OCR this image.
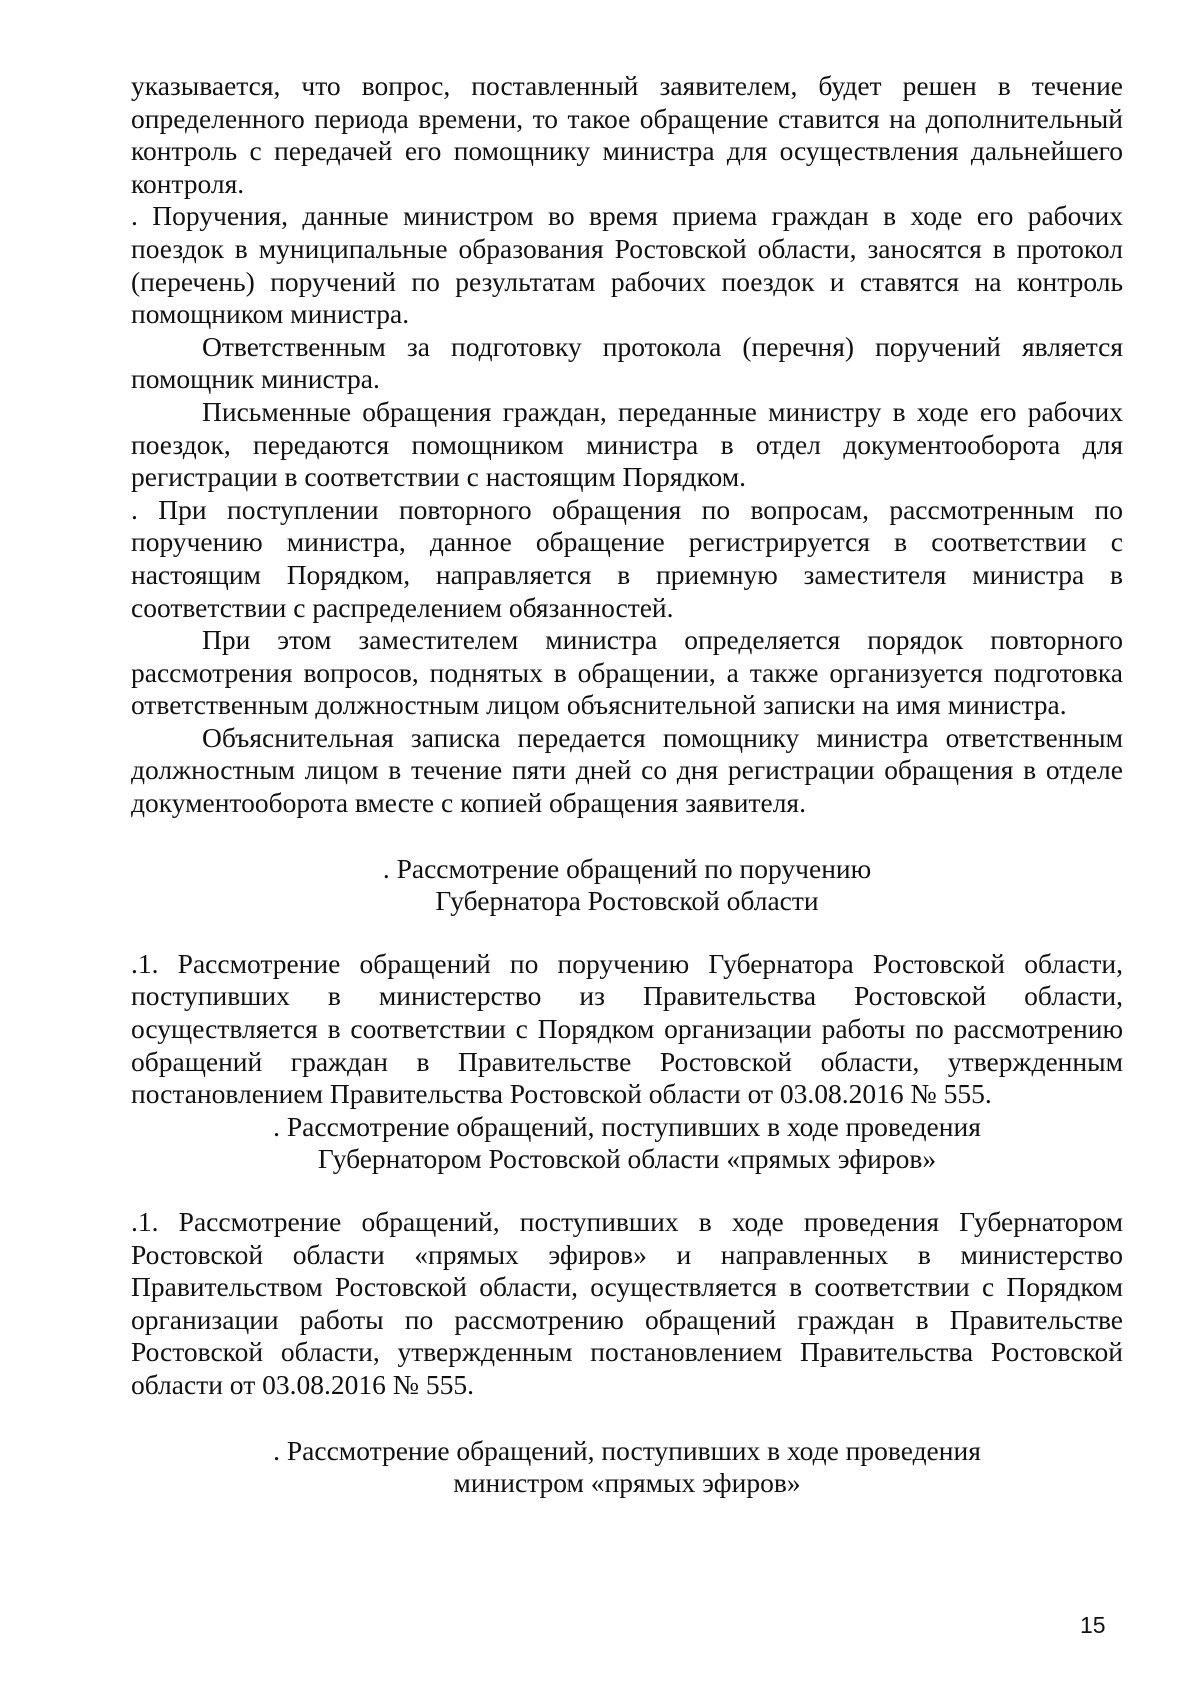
указывается, что вопрос, поставленный заявителем, будет решен в течение определенного периода времени, то такое обращение ставится на дополнительный контроль с передачей его помощнику министра для осуществления дальнейшего контроля.

. Поручения, данные министром во время приема граждан в ходе его рабочих поездок в муниципальные образования Ростовской области, заносятся в протокол (перечень) поручений по результатам рабочих поездок и ставятся на контроль помощником министра.

Ответственным за подготовку протокола (перечня) поручений является помощник министра.

Письменные обращения граждан, переданные министру в ходе его рабочих поездок, передаются помощником министра в отдел документооборота для регистрации в соответствии с настоящим Порядком.

. При поступлении повторного обращения по вопросам, рассмотренным по поручению министра, данное обращение регистрируется в соответствии с настоящим Порядком, направляется в приемную заместителя министра в соответствии с распределением обязанностей.

При этом заместителем министра определяется порядок повторного рассмотрения вопросов, поднятых в обращении, а также организуется подготовка ответственным должностным лицом объяснительной записки на имя министра.

Объяснительная записка передается помощнику министра ответственным должностным лицом в течение пяти дней со дня регистрации обращения в отделе документооборота вместе с копией обращения заявителя.

. Рассмотрение обращений по поручению
Губернатора Ростовской области

.1. Рассмотрение обращений по поручению Губернатора Ростовской области, поступивших в министерство из Правительства Ростовской области, осуществляется в соответствии с Порядком организации работы по рассмотрению обращений граждан в Правительстве Ростовской области, утвержденным постановлением Правительства Ростовской области от 03.08.2016 № 555.

. Рассмотрение обращений, поступивших в ходе проведения
Губернатором Ростовской области «прямых эфиров»

.1. Рассмотрение обращений, поступивших в ходе проведения Губернатором Ростовской области «прямых эфиров» и направленных в министерство Правительством Ростовской области, осуществляется в соответствии с Порядком организации работы по рассмотрению обращений граждан в Правительстве Ростовской области, утвержденным постановлением Правительства Ростовской области от 03.08.2016 № 555.

. Рассмотрение обращений, поступивших в ходе проведения
министром «прямых эфиров»

15
